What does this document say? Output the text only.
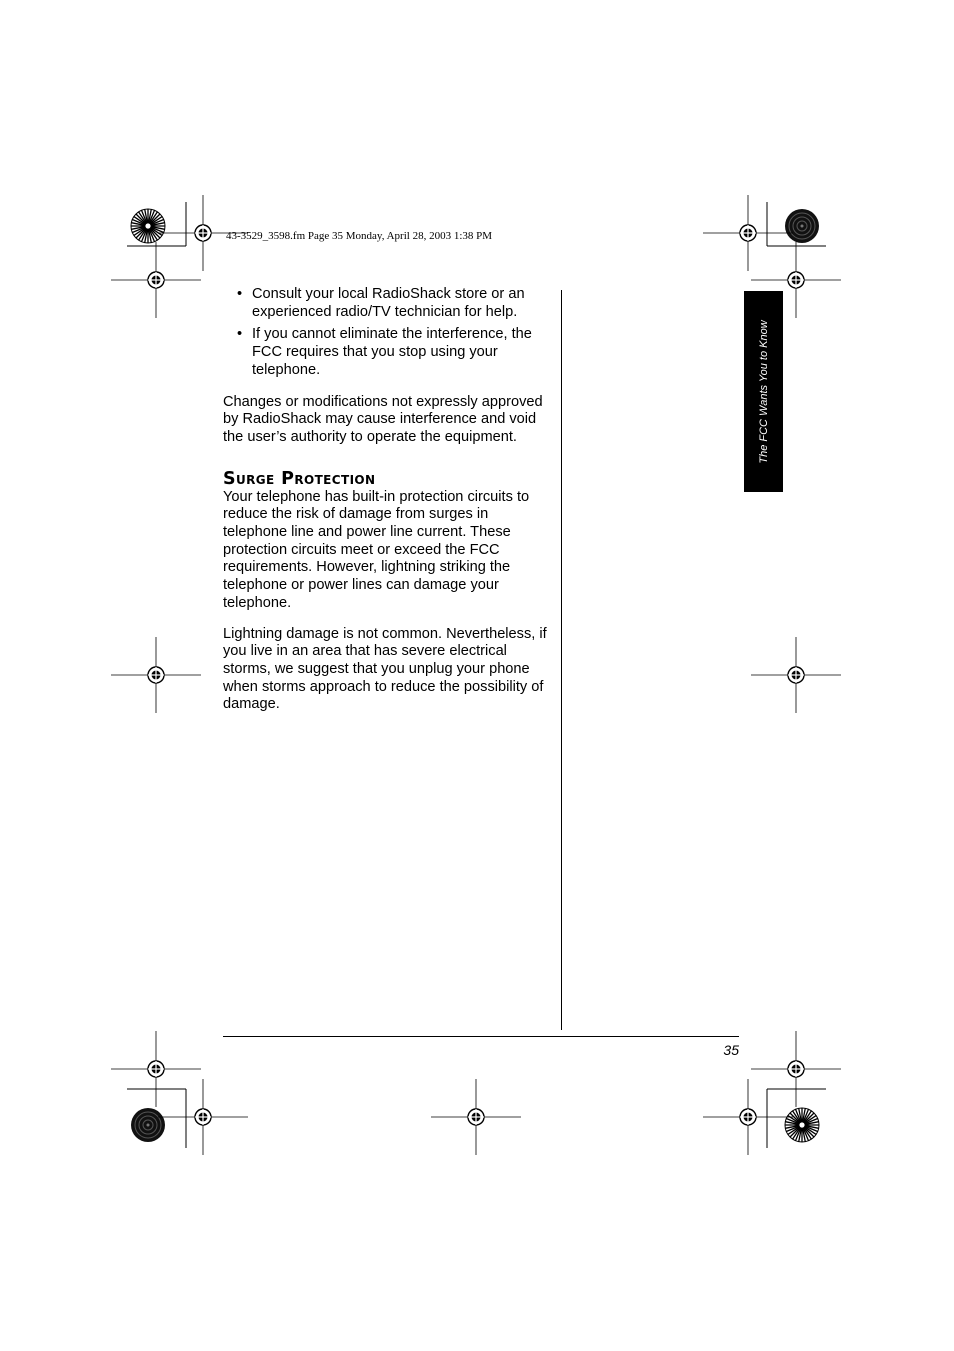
43-3529_3598.fm Page 35 Monday, April 28, 2003 1:38 PM
• Consult your local RadioShack store or an experienced radio/TV technician for help.
• If you cannot eliminate the interference, the FCC requires that you stop using your telephone.

Changes or modifications not expressly approved by RadioShack may cause interference and void the user’s authority to operate the equipment.

Surge Protection

Your telephone has built-in protection circuits to reduce the risk of damage from surges in telephone line and power line current. These protection circuits meet or exceed the FCC requirements. However, lightning striking the telephone or power lines can damage your telephone.

Lightning damage is not common. Nevertheless, if you live in an area that has severe electrical storms, we suggest that you unplug your phone when storms approach to reduce the possibility of damage.

The FCC Wants You to Know
35
